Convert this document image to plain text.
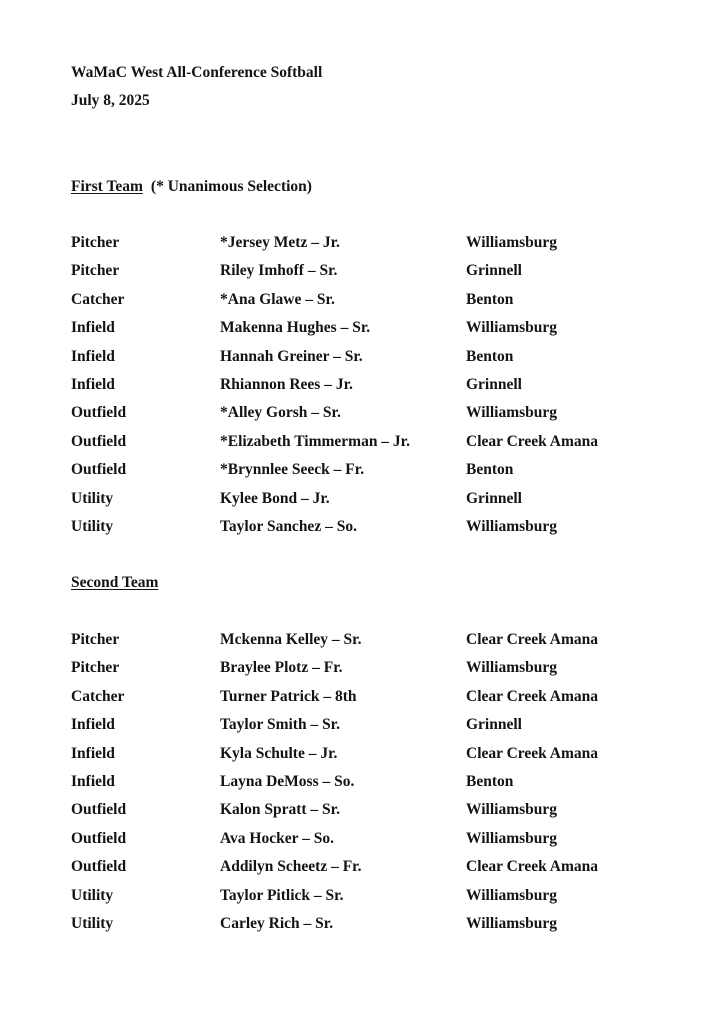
WaMaC West All-Conference Softball
July 8, 2025
First Team (* Unanimous Selection)
Pitcher	*Jersey Metz – Jr.	Williamsburg
Pitcher	Riley Imhoff – Sr.	Grinnell
Catcher	*Ana Glawe – Sr.	Benton
Infield	Makenna Hughes – Sr.	Williamsburg
Infield	Hannah Greiner – Sr.	Benton
Infield	Rhiannon Rees – Jr.	Grinnell
Outfield	*Alley Gorsh – Sr.	Williamsburg
Outfield	*Elizabeth Timmerman – Jr.	Clear Creek Amana
Outfield	*Brynnlee Seeck – Fr.	Benton
Utility	Kylee Bond – Jr.	Grinnell
Utility	Taylor Sanchez – So.	Williamsburg
Second Team
Pitcher	Mckenna Kelley – Sr.	Clear Creek Amana
Pitcher	Braylee Plotz – Fr.	Williamsburg
Catcher	Turner Patrick – 8th	Clear Creek Amana
Infield	Taylor Smith – Sr.	Grinnell
Infield	Kyla Schulte – Jr.	Clear Creek Amana
Infield	Layna DeMoss – So.	Benton
Outfield	Kalon Spratt – Sr.	Williamsburg
Outfield	Ava Hocker – So.	Williamsburg
Outfield	Addilyn Scheetz – Fr.	Clear Creek Amana
Utility	Taylor Pitlick – Sr.	Williamsburg
Utility	Carley Rich – Sr.	Williamsburg
